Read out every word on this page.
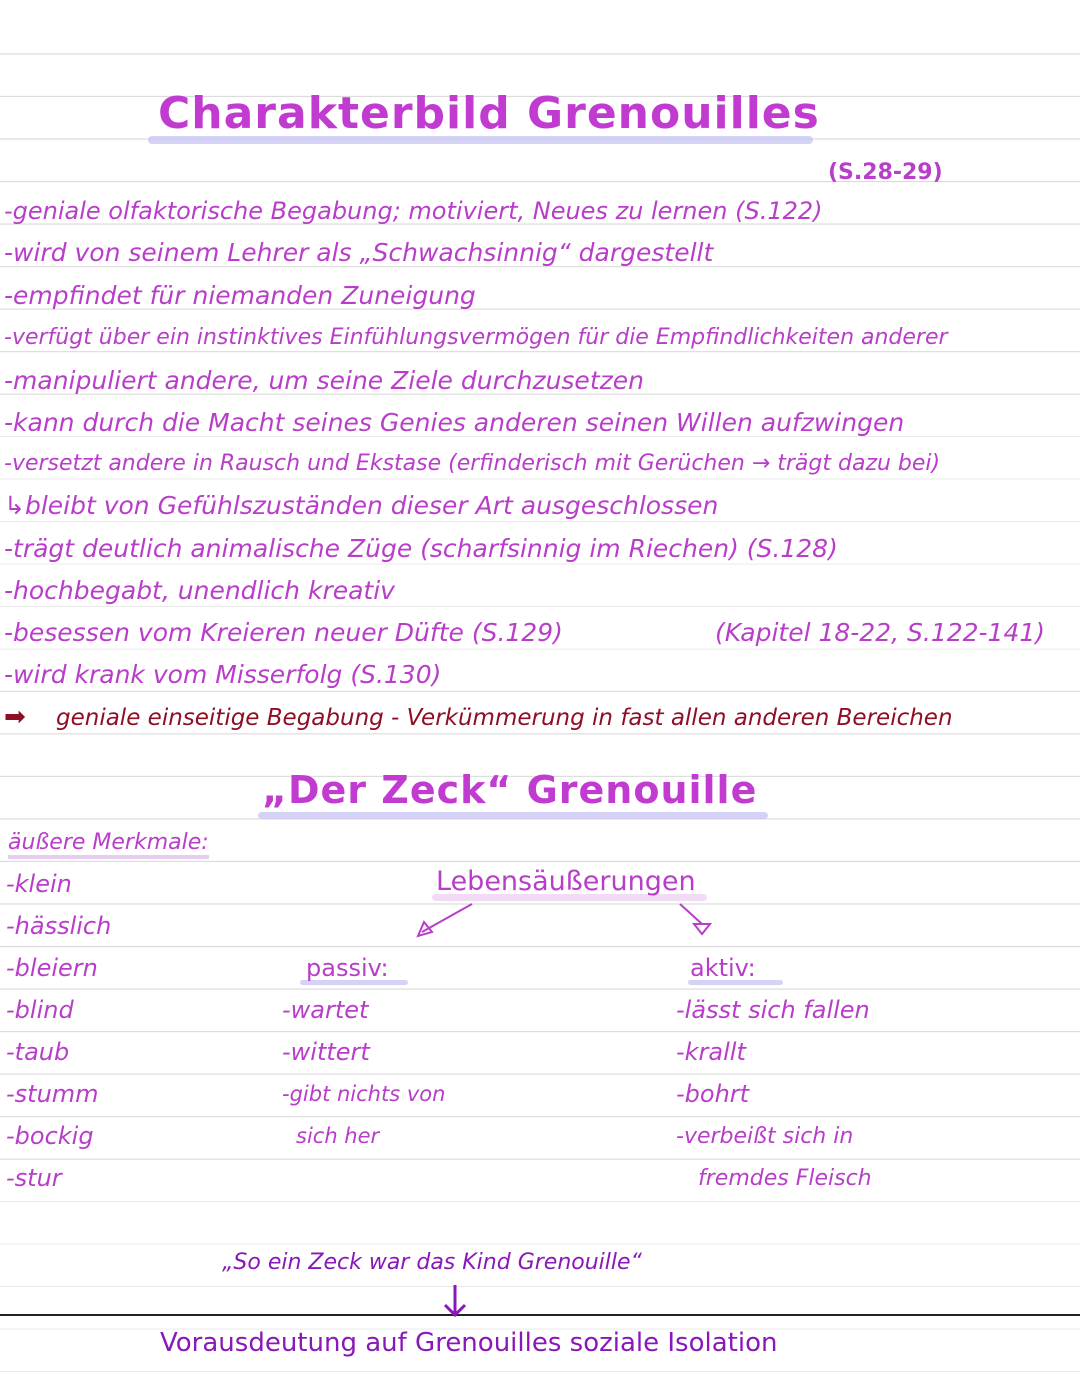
Charakterbild Grenouilles
(S.28-29)
-geniale olfaktorische Begabung; motiviert, Neues zu lernen (S.122)
-wird von seinem Lehrer als „Schwachsinnig“ dargestellt
-empfindet für niemanden Zuneigung
-verfügt über ein instinktives Einfühlungsvermögen für die Empfindlichkeiten anderer
-manipuliert andere, um seine Ziele durchzusetzen
-kann durch die Macht seines Genies anderen seinen Willen aufzwingen
-versetzt andere in Rausch und Ekstase (erfinderisch mit Gerüchen → trägt dazu bei)
↳bleibt von Gefühlszuständen dieser Art ausgeschlossen
-trägt deutlich animalische Züge (scharfsinnig im Riechen) (S.128)
-hochbegabt, unendlich kreativ
-besessen vom Kreieren neuer Düfte (S.129)	(Kapitel 18-22, S.122-141)
-wird krank vom Misserfolg (S.130)
➡ geniale einseitige Begabung - Verkümmerung in fast allen anderen Bereichen
„Der Zeck“ Grenouille
äußere Merkmale:
-klein
-hässlich
-bleiern
-blind
-taub
-stumm
-bockig
-stur
Lebensäußerungen
passiv:
-wartet
-wittert
-gibt nichts von
sich her
aktiv:
-lässt sich fallen
-krallt
-bohrt
-verbeißt sich in
fremdes Fleisch
„So ein Zeck war das Kind Grenouille“
Vorausdeutung auf Grenouilles soziale Isolation
